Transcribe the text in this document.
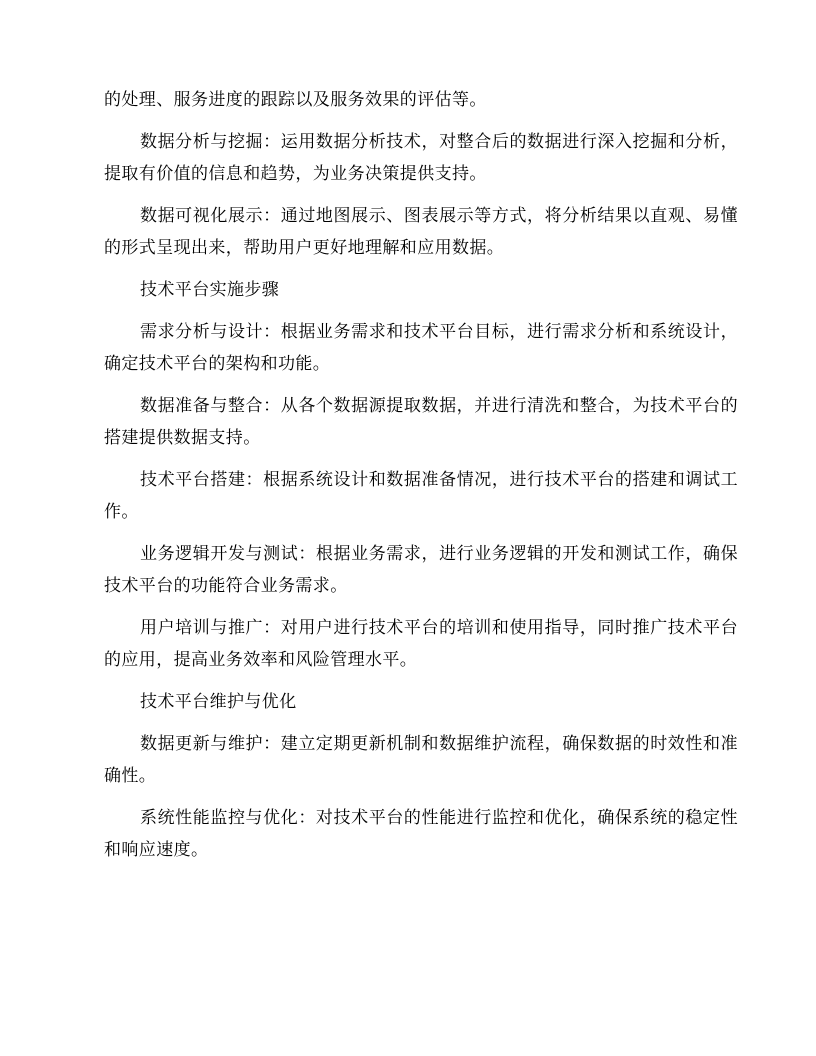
的处理、服务进度的跟踪以及服务效果的评估等。

数据分析与挖掘：运用数据分析技术，对整合后的数据进行深入挖掘和分析，提取有价值的信息和趋势，为业务决策提供支持。

数据可视化展示：通过地图展示、图表展示等方式，将分析结果以直观、易懂的形式呈现出来，帮助用户更好地理解和应用数据。

技术平台实施步骤

需求分析与设计：根据业务需求和技术平台目标，进行需求分析和系统设计，确定技术平台的架构和功能。

数据准备与整合：从各个数据源提取数据，并进行清洗和整合，为技术平台的搭建提供数据支持。

技术平台搭建：根据系统设计和数据准备情况，进行技术平台的搭建和调试工作。

业务逻辑开发与测试：根据业务需求，进行业务逻辑的开发和测试工作，确保技术平台的功能符合业务需求。

用户培训与推广：对用户进行技术平台的培训和使用指导，同时推广技术平台的应用，提高业务效率和风险管理水平。

技术平台维护与优化

数据更新与维护：建立定期更新机制和数据维护流程，确保数据的时效性和准确性。

系统性能监控与优化：对技术平台的性能进行监控和优化，确保系统的稳定性和响应速度。
